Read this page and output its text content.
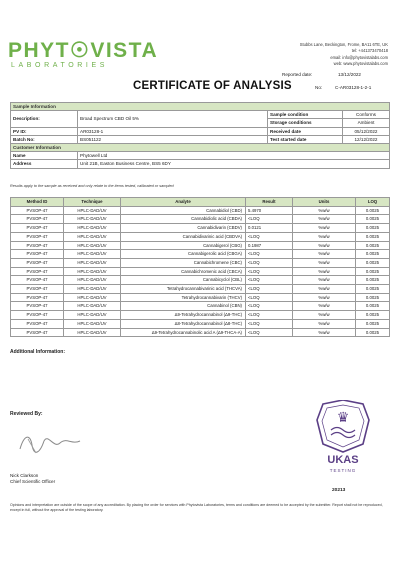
PHYT☉VISTA
LABORATORIES
Stubbs Lane, Beckington, Frome, BA11 6TE, UK
tel: +441373470418
email: info@phytovistalabs.com
web: www.phytovistalabs.com
CERTIFICATE OF ANALYSIS
Reported date:	13/12/2022
No:	C-AR03128-1-2-1
Sample Information			
Description:	Broad Spectrum CBD Oil 5%	Sample condition	Conforms
		Storage conditions	Ambient
PV ID:	AR03128-1	Received date	05/12/2022
Batch No:	BS051122	Test started date	12/12/2022
Customer Information			
Name	Phytowell Ltd		
Address	Unit 21B, Easton Business Centre, BS5 6DY		
Results apply to the sample as received and only relate to the items tested, calibrated or sampled
Method ID	Technique	Analyte	Result	Units	LOQ
PVSOP-47	HPLC-DAD/UV	Cannabidiol (CBD)	5.4970	%w/w	0.0025
PVSOP-47	HPLC-DAD/UV	Cannabidiolic acid (CBDA)	<LOQ	%w/w	0.0025
PVSOP-47	HPLC-DAD/UV	Cannabidivarin (CBDV)	0.0121	%w/w	0.0025
PVSOP-47	HPLC-DAD/UV	Cannabidivarinic acid (CBDVA)	<LOQ	%w/w	0.0025
PVSOP-47	HPLC-DAD/UV	Cannabigerol (CBG)	0.1987	%w/w	0.0025
PVSOP-47	HPLC-DAD/UV	Cannabigerolic acid (CBGA)	<LOQ	%w/w	0.0025
PVSOP-47	HPLC-DAD/UV	Cannabichromene (CBC)	<LOQ	%w/w	0.0025
PVSOP-47	HPLC-DAD/UV	Cannabichromenic acid (CBCA)	<LOQ	%w/w	0.0025
PVSOP-47	HPLC-DAD/UV	Cannabicyclol (CBL)	<LOQ	%w/w	0.0025
PVSOP-47	HPLC-DAD/UV	Tetrahydrocannabivarinic acid (THCVA)	<LOQ	%w/w	0.0025
PVSOP-47	HPLC-DAD/UV	Tetrahydrocannabivarin (THCV)	<LOQ	%w/w	0.0025
PVSOP-47	HPLC-DAD/UV	Cannabinol (CBN)	<LOQ	%w/w	0.0025
PVSOP-47	HPLC-DAD/UV	Δ9-Tetrahydrocannabinol (Δ9-THC)	<LOQ	%w/w	0.0025
PVSOP-47	HPLC-DAD/UV	Δ8-Tetrahydrocannabinol (Δ8-THC)	<LOQ	%w/w	0.0025
PVSOP-47	HPLC-DAD/UV	Δ9-Tetrahydrocannabinolic acid A (Δ9-THCA-A)	<LOQ	%w/w	0.0025
Additional Information:
Reviewed By:
Nick Clarkson
Chief Scientific Officer
♛
UKAS
TESTING
20213
Opinions and interpretation are outside of the scope of any accreditation. By placing the order for services with Phytovista Laboratories, terms and conditions are deemed to be accepted by the submitter. Report shall not be reproduced, except in full, without the approval of the testing laboratory.
